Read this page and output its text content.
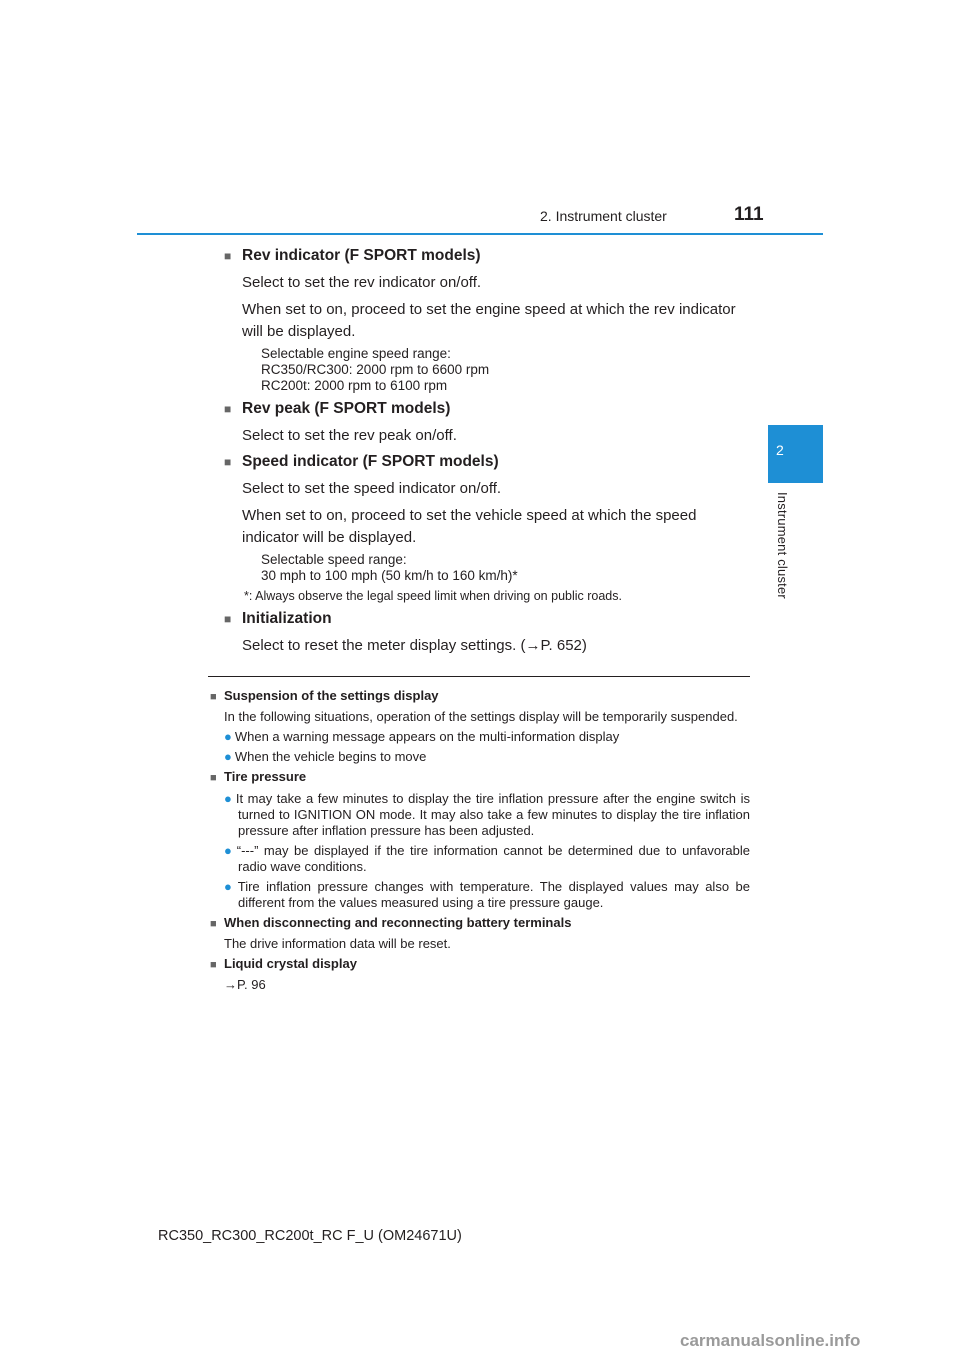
2. Instrument cluster	111
2
Instrument cluster
■ Rev indicator (F SPORT models)
Select to set the rev indicator on/off.
When set to on, proceed to set the engine speed at which the rev indicator will be displayed.
Selectable engine speed range:
RC350/RC300: 2000 rpm to 6600 rpm
RC200t: 2000 rpm to 6100 rpm
■ Rev peak (F SPORT models)
Select to set the rev peak on/off.
■ Speed indicator (F SPORT models)
Select to set the speed indicator on/off.
When set to on, proceed to set the vehicle speed at which the speed indicator will be displayed.
Selectable speed range:
30 mph to 100 mph (50 km/h to 160 km/h)*
*: Always observe the legal speed limit when driving on public roads.
■ Initialization
Select to reset the meter display settings. (→P. 652)
■ Suspension of the settings display
In the following situations, operation of the settings display will be temporarily suspended.
● When a warning message appears on the multi-information display
● When the vehicle begins to move
■ Tire pressure
● It may take a few minutes to display the tire inflation pressure after the engine switch is turned to IGNITION ON mode. It may also take a few minutes to display the tire inflation pressure after inflation pressure has been adjusted.
● “---” may be displayed if the tire information cannot be determined due to unfavorable radio wave conditions.
● Tire inflation pressure changes with temperature. The displayed values may also be different from the values measured using a tire pressure gauge.
■ When disconnecting and reconnecting battery terminals
The drive information data will be reset.
■ Liquid crystal display
→P. 96
RC350_RC300_RC200t_RC F_U (OM24671U)
carmanualsonline.info
